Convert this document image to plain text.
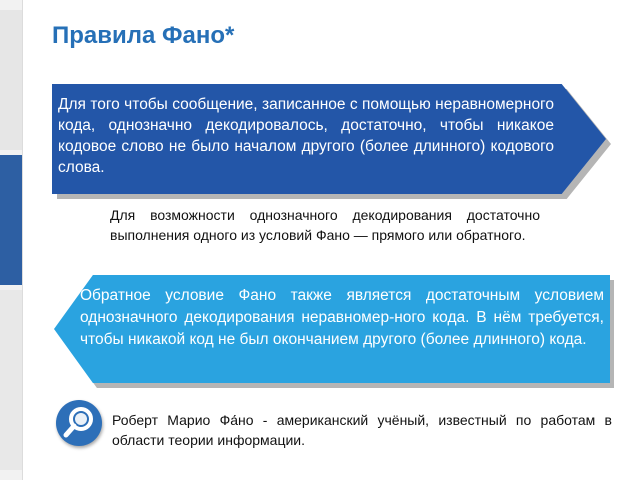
Правила Фано*
Для того чтобы сообщение, записанное с помощью неравномерного кода, однозначно декодировалось, достаточно, чтобы никакое кодовое слово не было началом другого (более длинного) кодового слова.
Для возможности однозначного декодирования достаточно выполнения одного из условий Фано — прямого или обратного.
Обратное условие Фано также является достаточным условием однозначного декодирования неравномер-ного кода. В нём требуется, чтобы никакой код не был окончанием другого (более длинного) кода.
Роберт Марио Фа́но - американский учёный, известный по работам в области теории информации.
